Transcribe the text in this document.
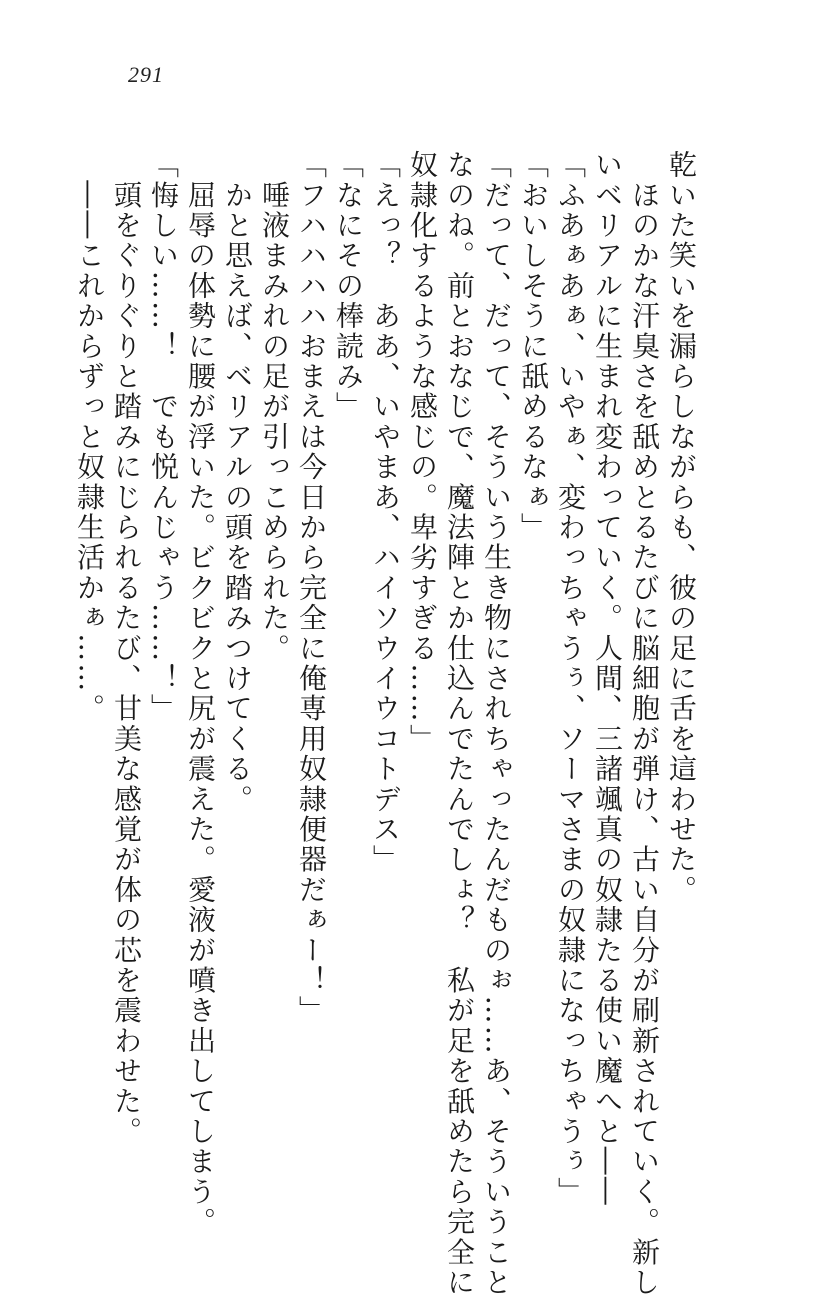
291
乾いた笑いを漏らしながらも、彼の足に舌を這わせた。
　ほのかな汗臭さを舐めとるたびに脳細胞が弾け、古い自分が刷新されていく。新し
いベリアルに生まれ変わっていく。人間、三諸颯真の奴隷たる使い魔へと――
「ふあぁあぁ、いやぁ、変わっちゃうぅ、ソーマさまの奴隷になっちゃうぅ」
「おいしそうに舐めるなぁ」
「だって、だって、そういう生き物にされちゃったんだものぉ……あ、そういうこと
なのね。前とおなじで、魔法陣とか仕込んでたんでしょ？　私が足を舐めたら完全に
奴隷化するような感じの。卑劣すぎる……」
「えっ？　ああ、いやまあ、ハイソウイウコトデス」
「なにその棒読み」
「フハハハハおまえは今日から完全に俺専用奴隷便器だぁー！」
　唾液まみれの足が引っこめられた。
　かと思えば、ベリアルの頭を踏みつけてくる。
　屈辱の体勢に腰が浮いた。ビクビクと尻が震えた。愛液が噴き出してしまう。
「悔しい……！　でも悦んじゃう……！」
　頭をぐりぐりと踏みにじられるたび、甘美な感覚が体の芯を震わせた。
　――これからずっと奴隷生活かぁ……。
